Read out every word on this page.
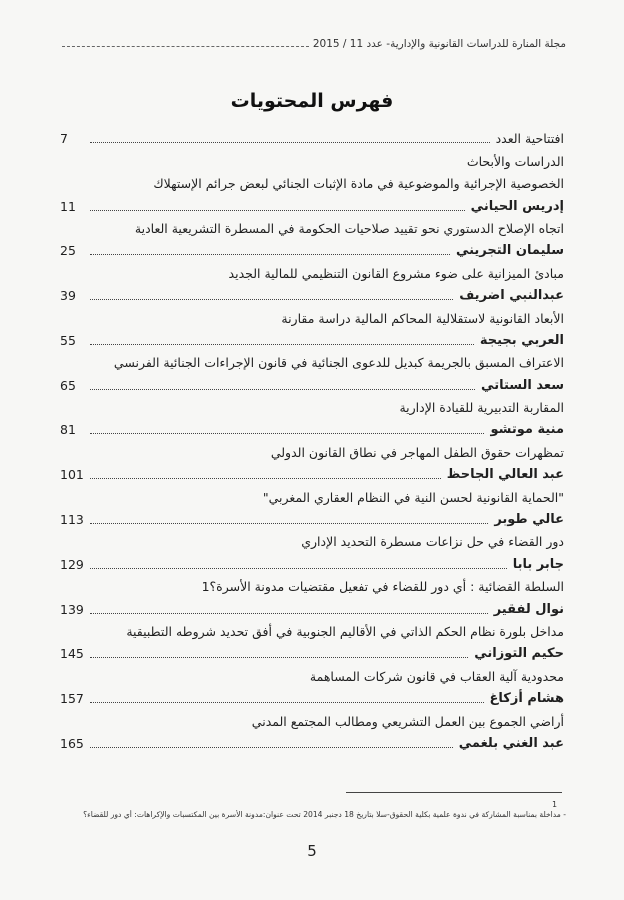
مجلة المنارة للدراسات القانونية والإدارية- عدد 11 / 2015
فهرس المحتويات
افتتاحية العدد
7
الدراسات والأبحاث
الخصوصية الإجرائية والموضوعية في مادة الإثبات الجنائي لبعض جرائم الإستهلاك
إدريس الحياني
11
اتجاه الإصلاح الدستوري نحو تقييد صلاحيات الحكومة في المسطرة التشريعية العادية
سليمان التجريني
25
مبادئ الميزانية على ضوء مشروع القانون التنظيمي للمالية الجديد
عبدالنبي اضريف
39
الأبعاد القانونية لاستقلالية المحاكم المالية دراسة مقارنة
العربي بجيجة
55
الاعتراف المسبق بالجريمة كبديل للدعوى الجنائية في قانون الإجراءات الجنائية الفرنسي
سعد الستاتي
65
المقاربة التدبيرية للقيادة الإدارية
منية موتشو
81
تمظهرات حقوق الطفل المهاجر في نطاق القانون الدولي
عبد العالي الجاحظ
101
"الحماية القانونية لحسن النية في النظام العقاري المغربي"
عالي طوبر
113
دور القضاء في حل نزاعات مسطرة التحديد الإداري
جابر بابا
129
السلطة القضائية : أي دور للقضاء في تفعيل مقتضيات مدونة الأسرة؟1
نوال لفقير
139
مداخل بلورة نظام الحكم الذاتي في الأقاليم الجنوبية في أفق تحديد شروطه التطبيقية
حكيم التوزاني
145
محدودية آلية العقاب في قانون شركات المساهمة
هشام أزكاغ
157
أراضي الجموع بين العمل التشريعي ومطالب المجتمع المدني
عبد الغني بلغمي
165
1
- مداخلة بمناسبة المشاركة في ندوة علمية بكلية الحقوق-سلا بتاريخ 18 دجنبر 2014 تحت عنوان:مدونة الأسرة بين المكتسبات والإكراهات: أي دور للقضاء؟
5
